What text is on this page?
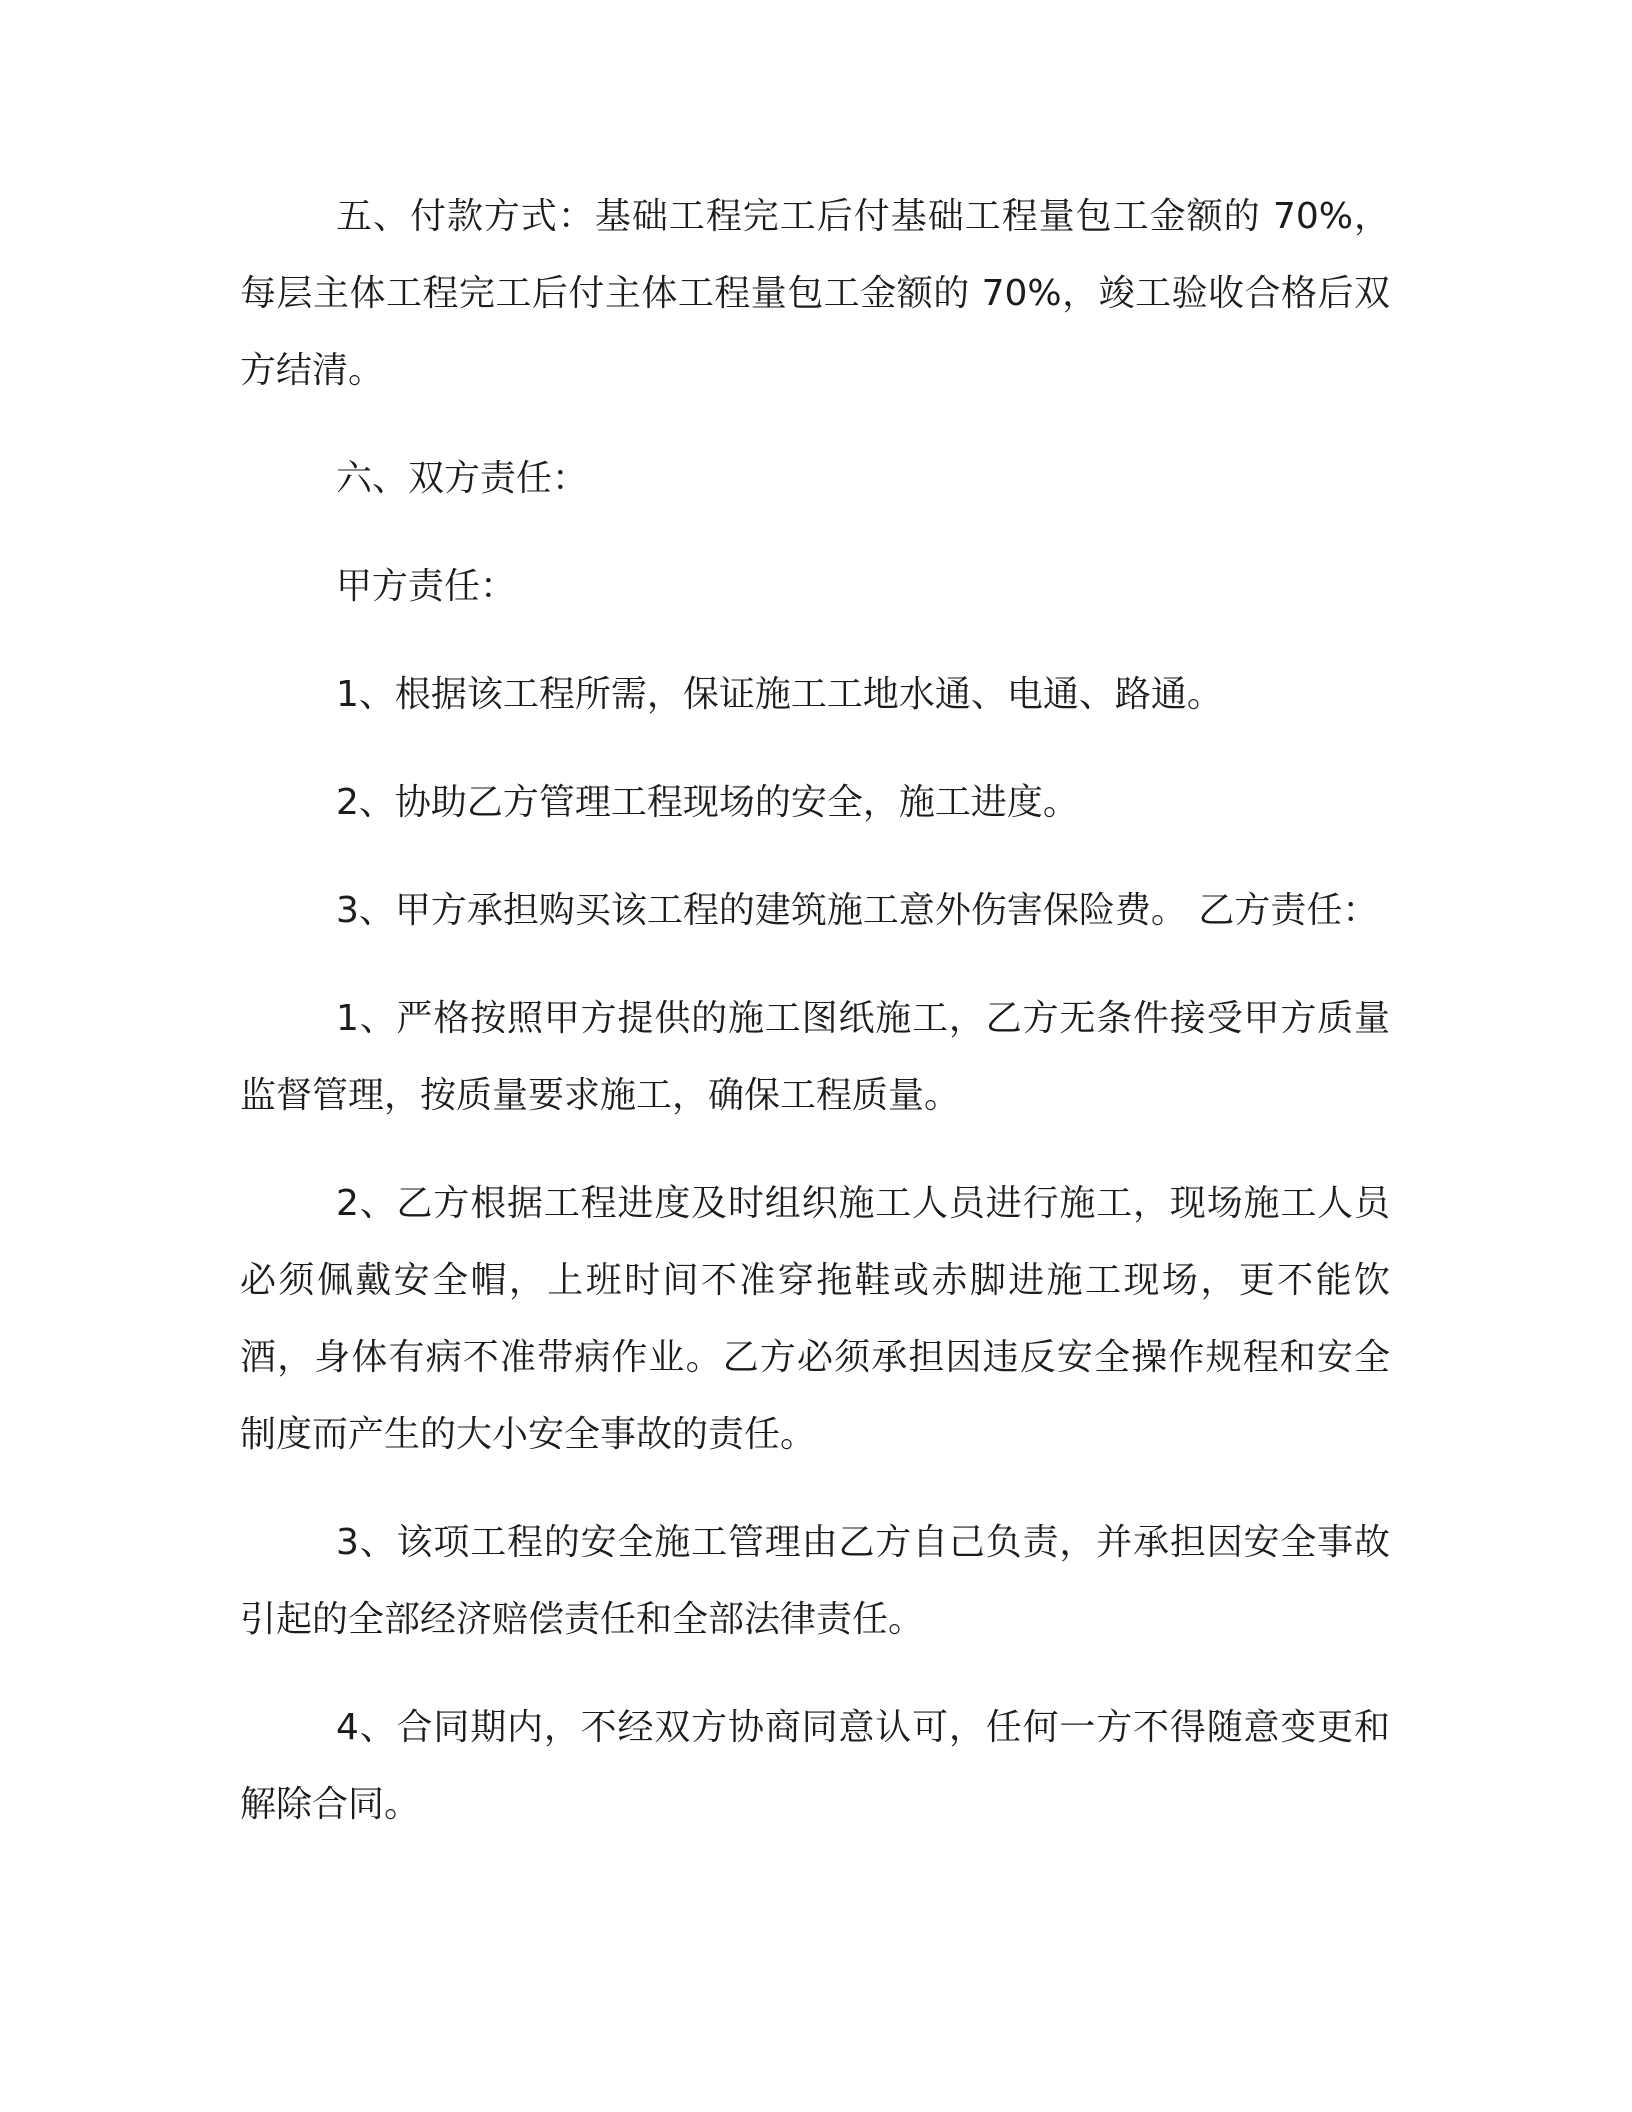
五、付款方式：基础工程完工后付基础工程量包工金额的 70%，每层主体工程完工后付主体工程量包工金额的 70%，竣工验收合格后双方结清。

六、双方责任：

甲方责任：

1、根据该工程所需，保证施工工地水通、电通、路通。

2、协助乙方管理工程现场的安全，施工进度。

3、甲方承担购买该工程的建筑施工意外伤害保险费。 乙方责任：

1、严格按照甲方提供的施工图纸施工，乙方无条件接受甲方质量监督管理，按质量要求施工，确保工程质量。

2、乙方根据工程进度及时组织施工人员进行施工，现场施工人员必须佩戴安全帽，上班时间不准穿拖鞋或赤脚进施工现场，更不能饮酒，身体有病不准带病作业。乙方必须承担因违反安全操作规程和安全制度而产生的大小安全事故的责任。

3、该项工程的安全施工管理由乙方自己负责，并承担因安全事故引起的全部经济赔偿责任和全部法律责任。

4、合同期内，不经双方协商同意认可，任何一方不得随意变更和解除合同。
